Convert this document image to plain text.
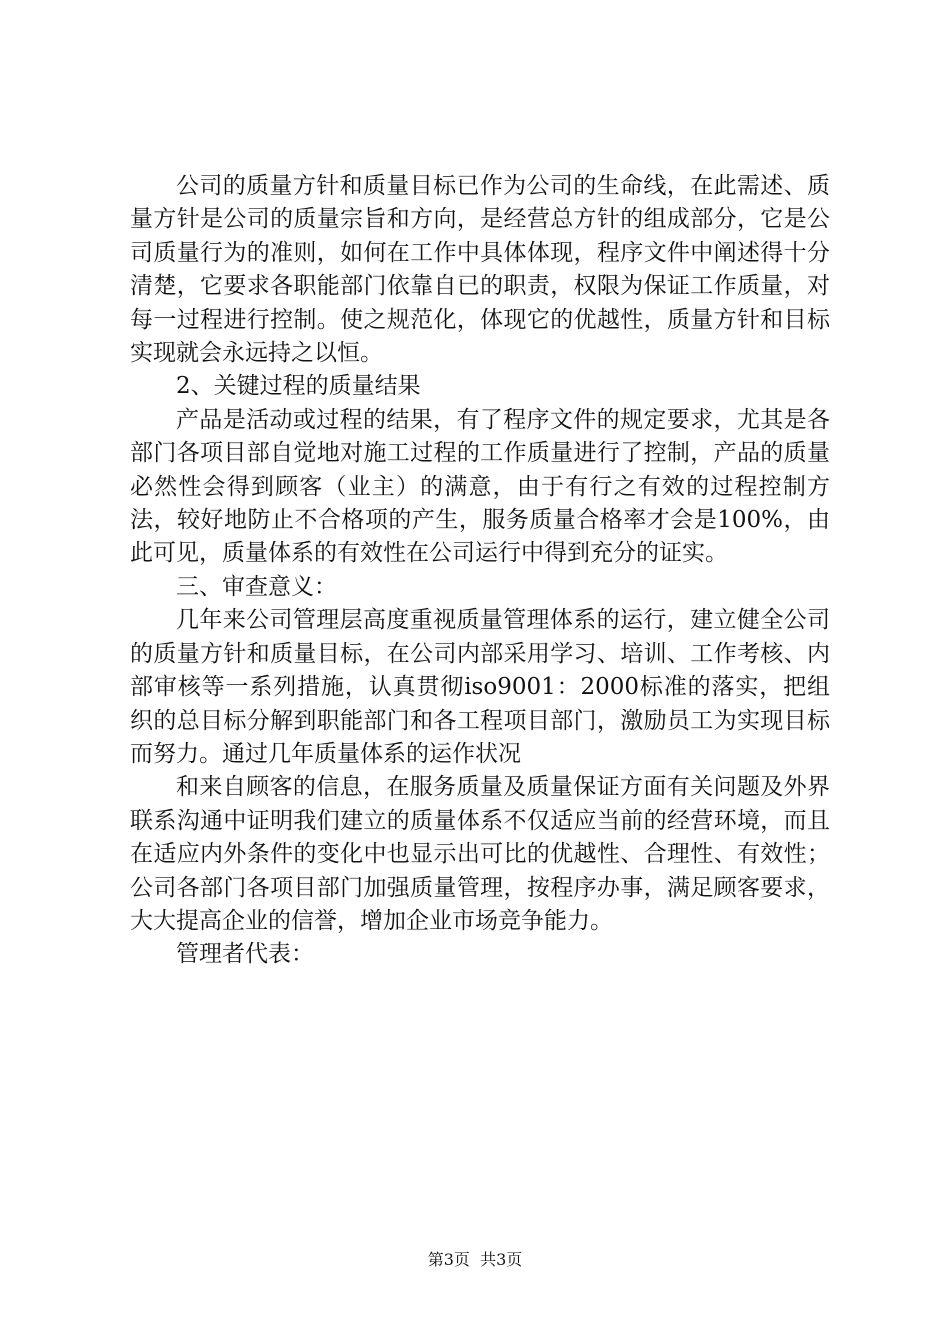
公司的质量方针和质量目标已作为公司的生命线，在此需述、质量方针是公司的质量宗旨和方向，是经营总方针的组成部分，它是公司质量行为的准则，如何在工作中具体体现，程序文件中阐述得十分清楚，它要求各职能部门依靠自已的职责，权限为保证工作质量，对每一过程进行控制。使之规范化，体现它的优越性，质量方针和目标实现就会永远持之以恒。

2、关键过程的质量结果

产品是活动或过程的结果，有了程序文件的规定要求，尤其是各部门各项目部自觉地对施工过程的工作质量进行了控制，产品的质量必然性会得到顾客（业主）的满意，由于有行之有效的过程控制方法，较好地防止不合格项的产生，服务质量合格率才会是100%，由此可见，质量体系的有效性在公司运行中得到充分的证实。

三、审查意义：

几年来公司管理层高度重视质量管理体系的运行，建立健全公司的质量方针和质量目标，在公司内部采用学习、培训、工作考核、内部审核等一系列措施，认真贯彻iso9001：2000标准的落实，把组织的总目标分解到职能部门和各工程项目部门，激励员工为实现目标而努力。通过几年质量体系的运作状况

和来自顾客的信息，在服务质量及质量保证方面有关问题及外界联系沟通中证明我们建立的质量体系不仅适应当前的经营环境，而且在适应内外条件的变化中也显示出可比的优越性、合理性、有效性；公司各部门各项目部门加强质量管理，按程序办事，满足顾客要求，大大提高企业的信誉，增加企业市场竞争能力。

管理者代表：

第3页  共3页
